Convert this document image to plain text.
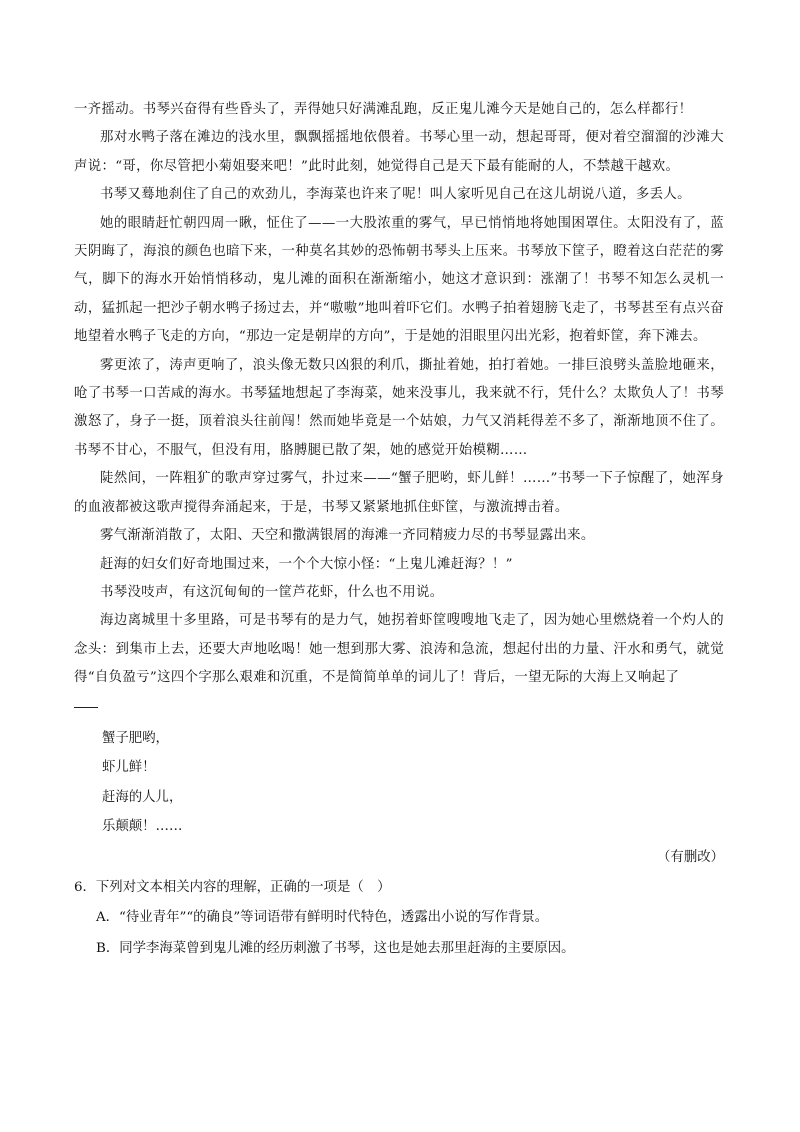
一齐摇动。书琴兴奋得有些昏头了，弄得她只好满滩乱跑，反正鬼儿滩今天是她自己的，怎么样都行！

那对水鸭子落在滩边的浅水里，飘飘摇摇地依偎着。书琴心里一动，想起哥哥，便对着空溜溜的沙滩大声说：“哥，你尽管把小菊姐娶来吧！”此时此刻，她觉得自己是天下最有能耐的人，不禁越干越欢。

书琴又蓦地刹住了自己的欢劲儿，李海菜也许来了呢！叫人家听见自己在这儿胡说八道，多丢人。

她的眼睛赶忙朝四周一瞅，怔住了——一大股浓重的雾气，早已悄悄地将她围困罩住。太阳没有了，蓝天阴晦了，海浪的颜色也暗下来，一种莫名其妙的恐怖朝书琴头上压来。书琴放下筐子，瞪着这白茫茫的雾气，脚下的海水开始悄悄移动，鬼儿滩的面积在渐渐缩小，她这才意识到：涨潮了！书琴不知怎么灵机一动，猛抓起一把沙子朝水鸭子扬过去，并“嗷嗷”地叫着吓它们。水鸭子拍着翅膀飞走了，书琴甚至有点兴奋地望着水鸭子飞走的方向，“那边一定是朝岸的方向”，于是她的泪眼里闪出光彩，抱着虾筐，奔下滩去。

雾更浓了，涛声更响了，浪头像无数只凶狠的利爪，撕扯着她，拍打着她。一排巨浪劈头盖脸地砸来，呛了书琴一口苦咸的海水。书琴猛地想起了李海菜，她来没事儿，我来就不行，凭什么？太欺负人了！书琴激怒了，身子一挺，顶着浪头往前闯！然而她毕竟是一个姑娘，力气又消耗得差不多了，渐渐地顶不住了。书琴不甘心，不服气，但没有用，胳膊腿已散了架，她的感觉开始模糊……

陡然间，一阵粗犷的歌声穿过雾气，扑过来——“蟹子肥哟，虾儿鲜！……”书琴一下子惊醒了，她浑身的血液都被这歌声搅得奔涌起来，于是，书琴又紧紧地抓住虾筐，与激流搏击着。

雾气渐渐消散了，太阳、天空和撒满银屑的海滩一齐同精疲力尽的书琴显露出来。

赶海的妇女们好奇地围过来，一个个大惊小怪：“上鬼儿滩赶海？！”

书琴没吱声，有这沉甸甸的一筐芦花虾，什么也不用说。

海边离城里十多里路，可是书琴有的是力气，她拐着虾筐嗖嗖地飞走了，因为她心里燃烧着一个灼人的念头：到集市上去，还要大声地吆喝！她一想到那大雾、浪涛和急流，想起付出的力量、汗水和勇气，就觉得“自负盈亏”这四个字那么艰难和沉重，不是简简单单的词儿了！背后，一望无际的大海上又响起了

蟹子肥哟，

虾儿鲜！

赶海的人儿，

乐颠颠！……

（有删改）

6．下列对文本相关内容的理解，正确的一项是（　）

A．“待业青年”“的确良”等词语带有鲜明时代特色，透露出小说的写作背景。

B．同学李海菜曾到鬼儿滩的经历刺激了书琴，这也是她去那里赶海的主要原因。
